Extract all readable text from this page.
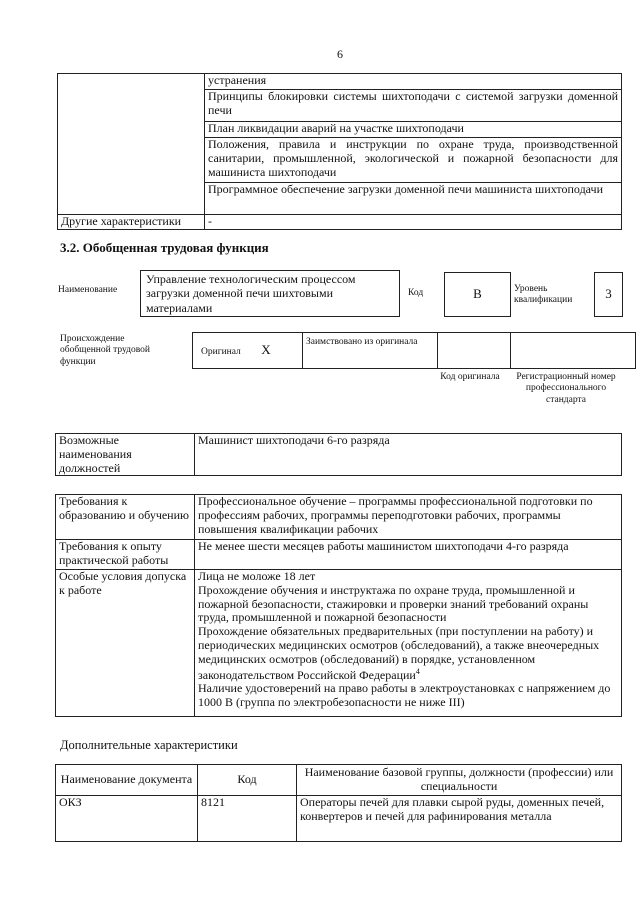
6
	устранения
	Принципы блокировки системы шихтоподачи с системой загрузки доменной печи
	План ликвидации аварий на участке шихтоподачи
	Положения, правила и инструкции по охране труда, производственной санитарии, промышленной, экологической и пожарной безопасности для машиниста шихтоподачи
	Программное обеспечение загрузки доменной печи машиниста шихтоподачи
Другие характеристики	-
3.2. Обобщенная трудовая функция
Наименование
Управление технологическим процессом загрузки доменной печи шихтовыми материалами
Код	B	Уровень квалификации	3
Происхождение обобщенной трудовой функции
Оригинал X	Заимствовано из оригинала		
Код оригинала	Регистрационный номер профессионального стандарта
Возможные наименования должностей	Машинист шихтоподачи 6-го разряда
Требования к образованию и обучению	Профессиональное обучение – программы профессиональной подготовки по профессиям рабочих, программы переподготовки рабочих, программы повышения квалификации рабочих
Требования к опыту практической работы	Не менее шести месяцев работы машинистом шихтоподачи 4-го разряда
Особые условия допуска к работе	Лица не моложе 18 лет
Прохождение обучения и инструктажа по охране труда, промышленной и пожарной безопасности, стажировки и проверки знаний требований охраны труда, промышленной и пожарной безопасности
Прохождение обязательных предварительных (при поступлении на работу) и периодических медицинских осмотров (обследований), а также внеочередных медицинских осмотров (обследований) в порядке, установленном законодательством Российской Федерации$^4$
Наличие удостоверений на право работы в электроустановках с напряжением до 1000 В (группа по электробезопасности не ниже III)
Дополнительные характеристики
Наименование документа	Код	Наименование базовой группы, должности (профессии) или специальности
ОКЗ	8121	Операторы печей для плавки сырой руды, доменных печей, конвертеров и печей для рафинирования металла
